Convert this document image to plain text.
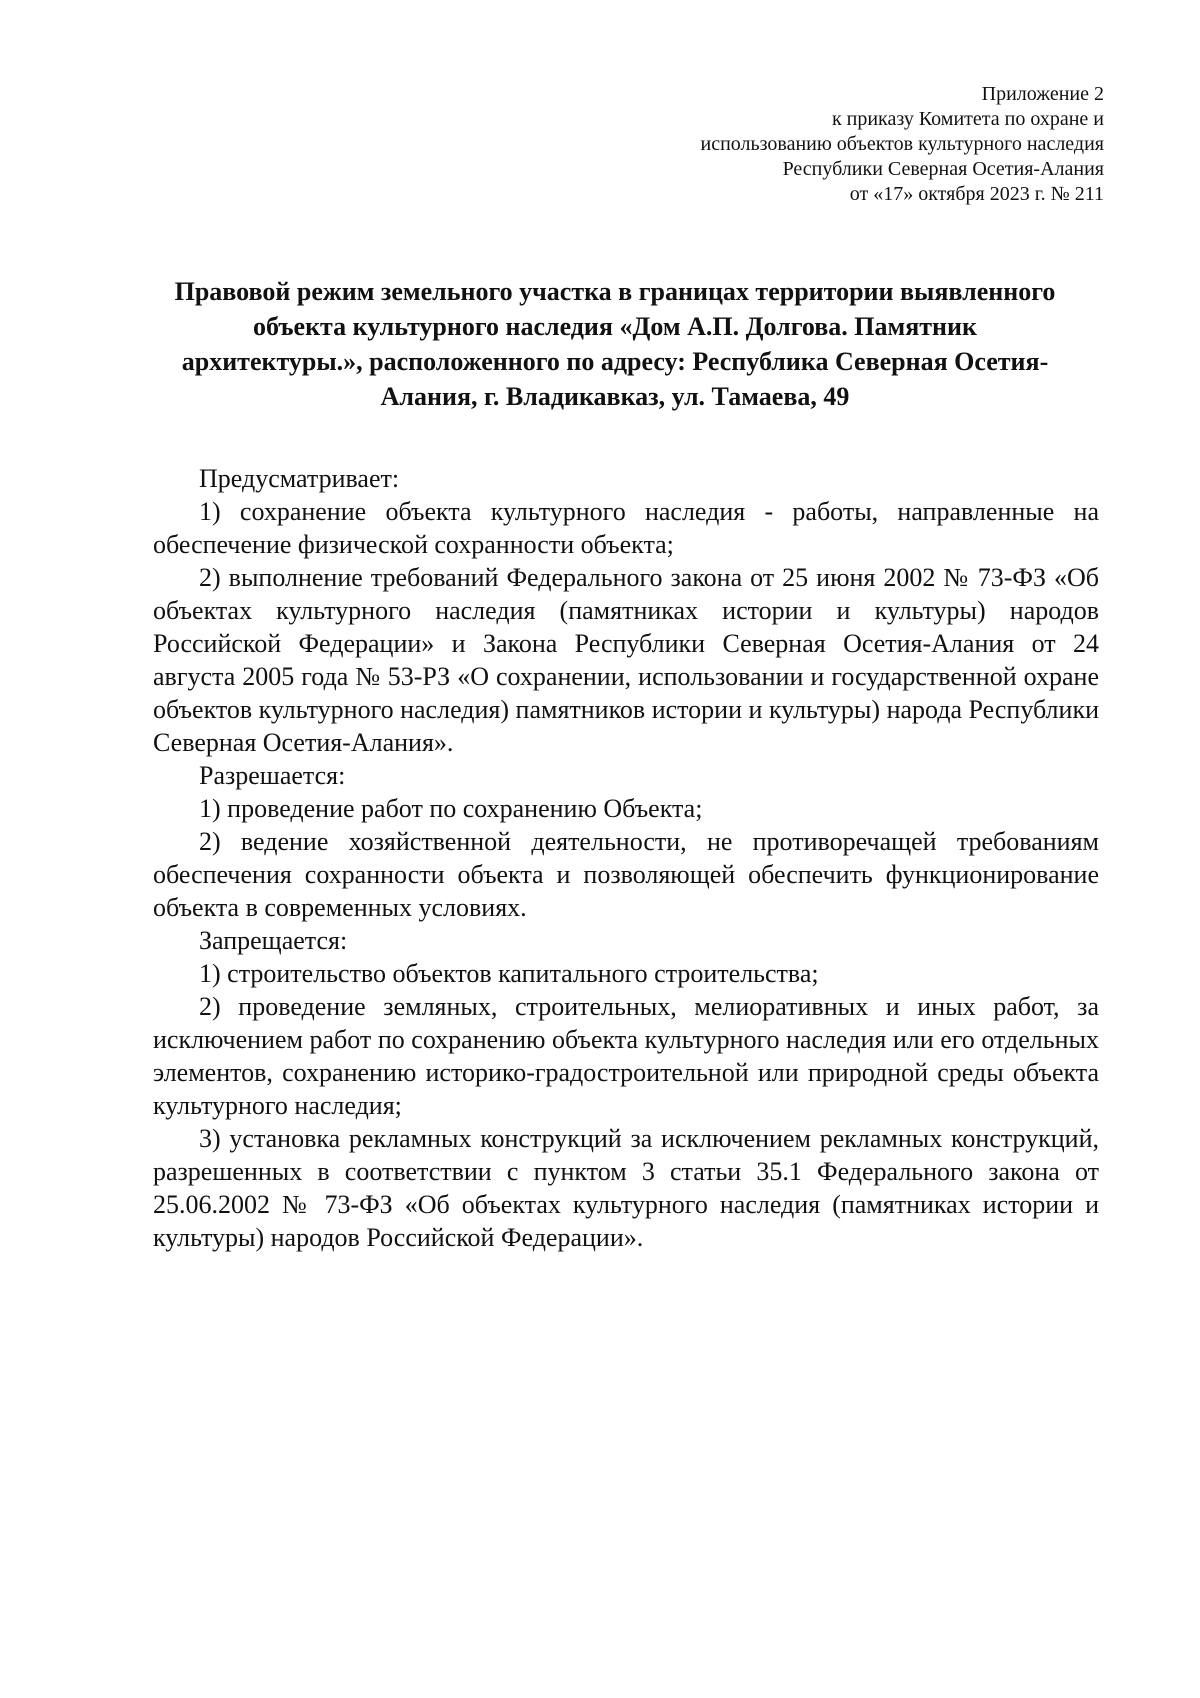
Приложение 2
к приказу Комитета по охране и
использованию объектов культурного наследия
Республики Северная Осетия-Алания
от «17» октября 2023 г. № 211
Правовой режим земельного участка в границах территории выявленного
объекта культурного наследия «Дом А.П. Долгова. Памятник
архитектуры.», расположенного по адресу: Республика Северная Осетия-
Алания, г. Владикавказ, ул. Тамаева, 49

Предусматривает:

1) сохранение объекта культурного наследия - работы, направленные на обеспечение физической сохранности объекта;

2) выполнение требований Федерального закона от 25 июня 2002 № 73-ФЗ «Об объектах культурного наследия (памятниках истории и культуры) народов Российской Федерации» и Закона Республики Северная Осетия-Алания от 24 августа 2005 года № 53-РЗ «О сохранении, использовании и государственной охране объектов культурного наследия) памятников истории и культуры) народа Республики Северная Осетия-Алания».

Разрешается:

1) проведение работ по сохранению Объекта;

2) ведение хозяйственной деятельности, не противоречащей требованиям обеспечения сохранности объекта и позволяющей обеспечить функционирование объекта в современных условиях.

Запрещается:

1) строительство объектов капитального строительства;

2) проведение земляных, строительных, мелиоративных и иных работ, за исключением работ по сохранению объекта культурного наследия или его отдельных элементов, сохранению историко-градостроительной или природной среды объекта культурного наследия;

3) установка рекламных конструкций за исключением рекламных конструкций, разрешенных в соответствии с пунктом 3 статьи 35.1 Федерального закона от 25.06.2002 № 73-ФЗ «Об объектах культурного наследия (памятниках истории и культуры) народов Российской Федерации».
